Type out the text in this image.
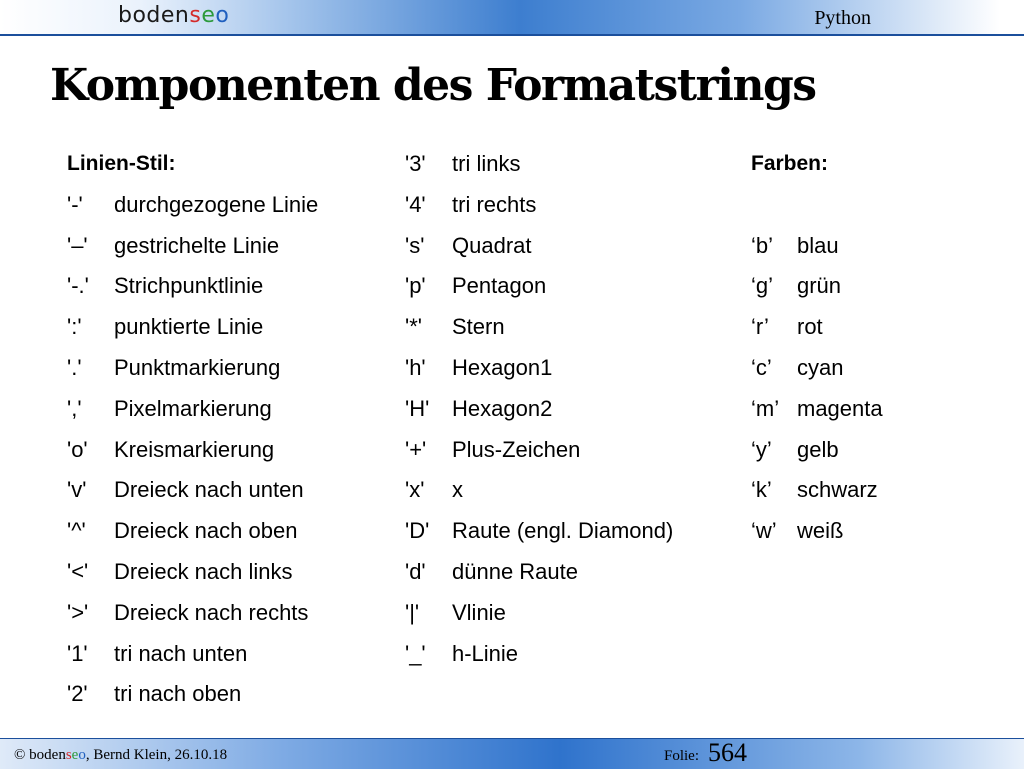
bodenseo	Python
Komponenten des Formatstrings
Linien-Stil:
'-' durchgezogene Linie
'–' gestrichelte Linie
'-.' Strichpunktlinie
':' punktierte Linie
'.' Punktmarkierung
',' Pixelmarkierung
'o' Kreismarkierung
'v' Dreieck nach unten
'^' Dreieck nach oben
'<' Dreieck nach links
'>' Dreieck nach rechts
'1' tri nach unten
'2' tri nach oben
'3' tri links
'4' tri rechts
's' Quadrat
'p' Pentagon
'*' Stern
'h' Hexagon1
'H' Hexagon2
'+' Plus-Zeichen
'x' x
'D' Raute (engl. Diamond)
'd' dünne Raute
'|' Vlinie
'_' h-Linie
Farben:
‘b’ blau
‘g’ grün
‘r’ rot
‘c’ cyan
‘m’ magenta
‘y’ gelb
‘k’ schwarz
‘w’ weiß
© bodenseo, Bernd Klein, 26.10.18	Folie: 564
